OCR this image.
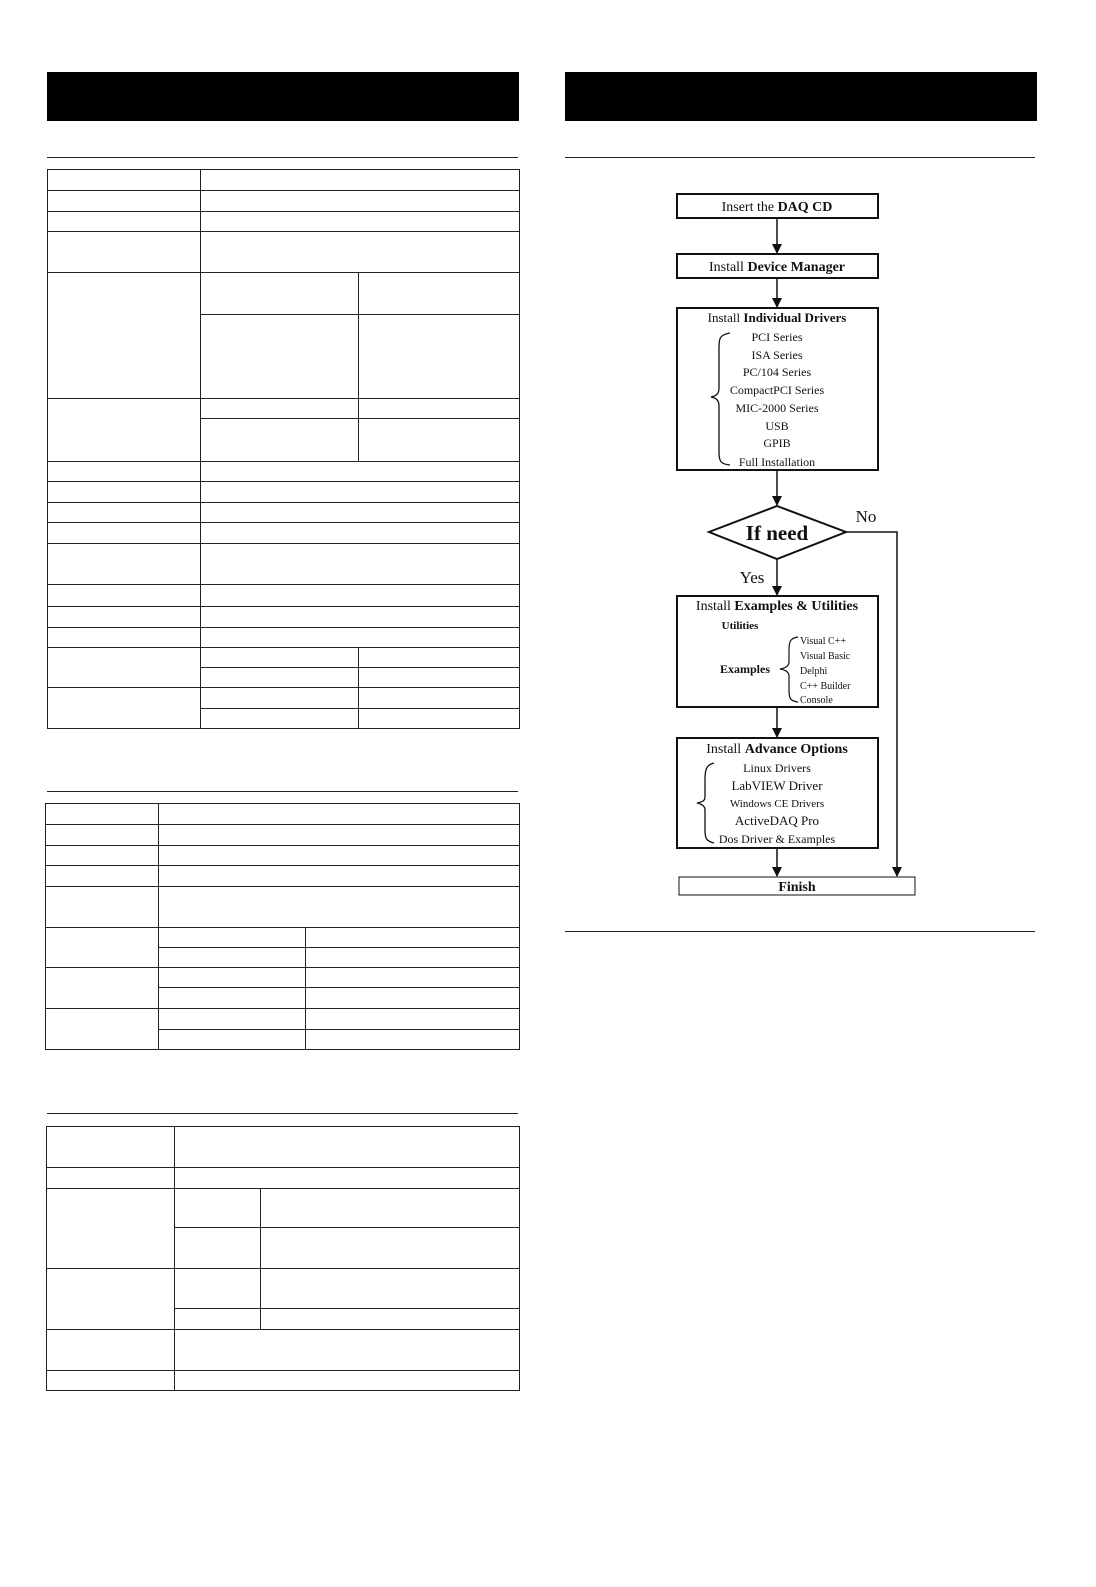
Insert the DAQ CD
Install Device Manager
Install Individual Drivers
PCI Series
ISA Series
PC/104 Series
CompactPCI Series
MIC-2000 Series
USB
GPIB
Full Installation
If need
No
Yes
Install Examples & Utilities
Utilities
Examples
Visual C++
Visual Basic
Delphi
C++ Builder
Console
Install Advance Options
Linux Drivers
LabVIEW Driver
Windows CE Drivers
ActiveDAQ Pro
Dos Driver & Examples
Finish
